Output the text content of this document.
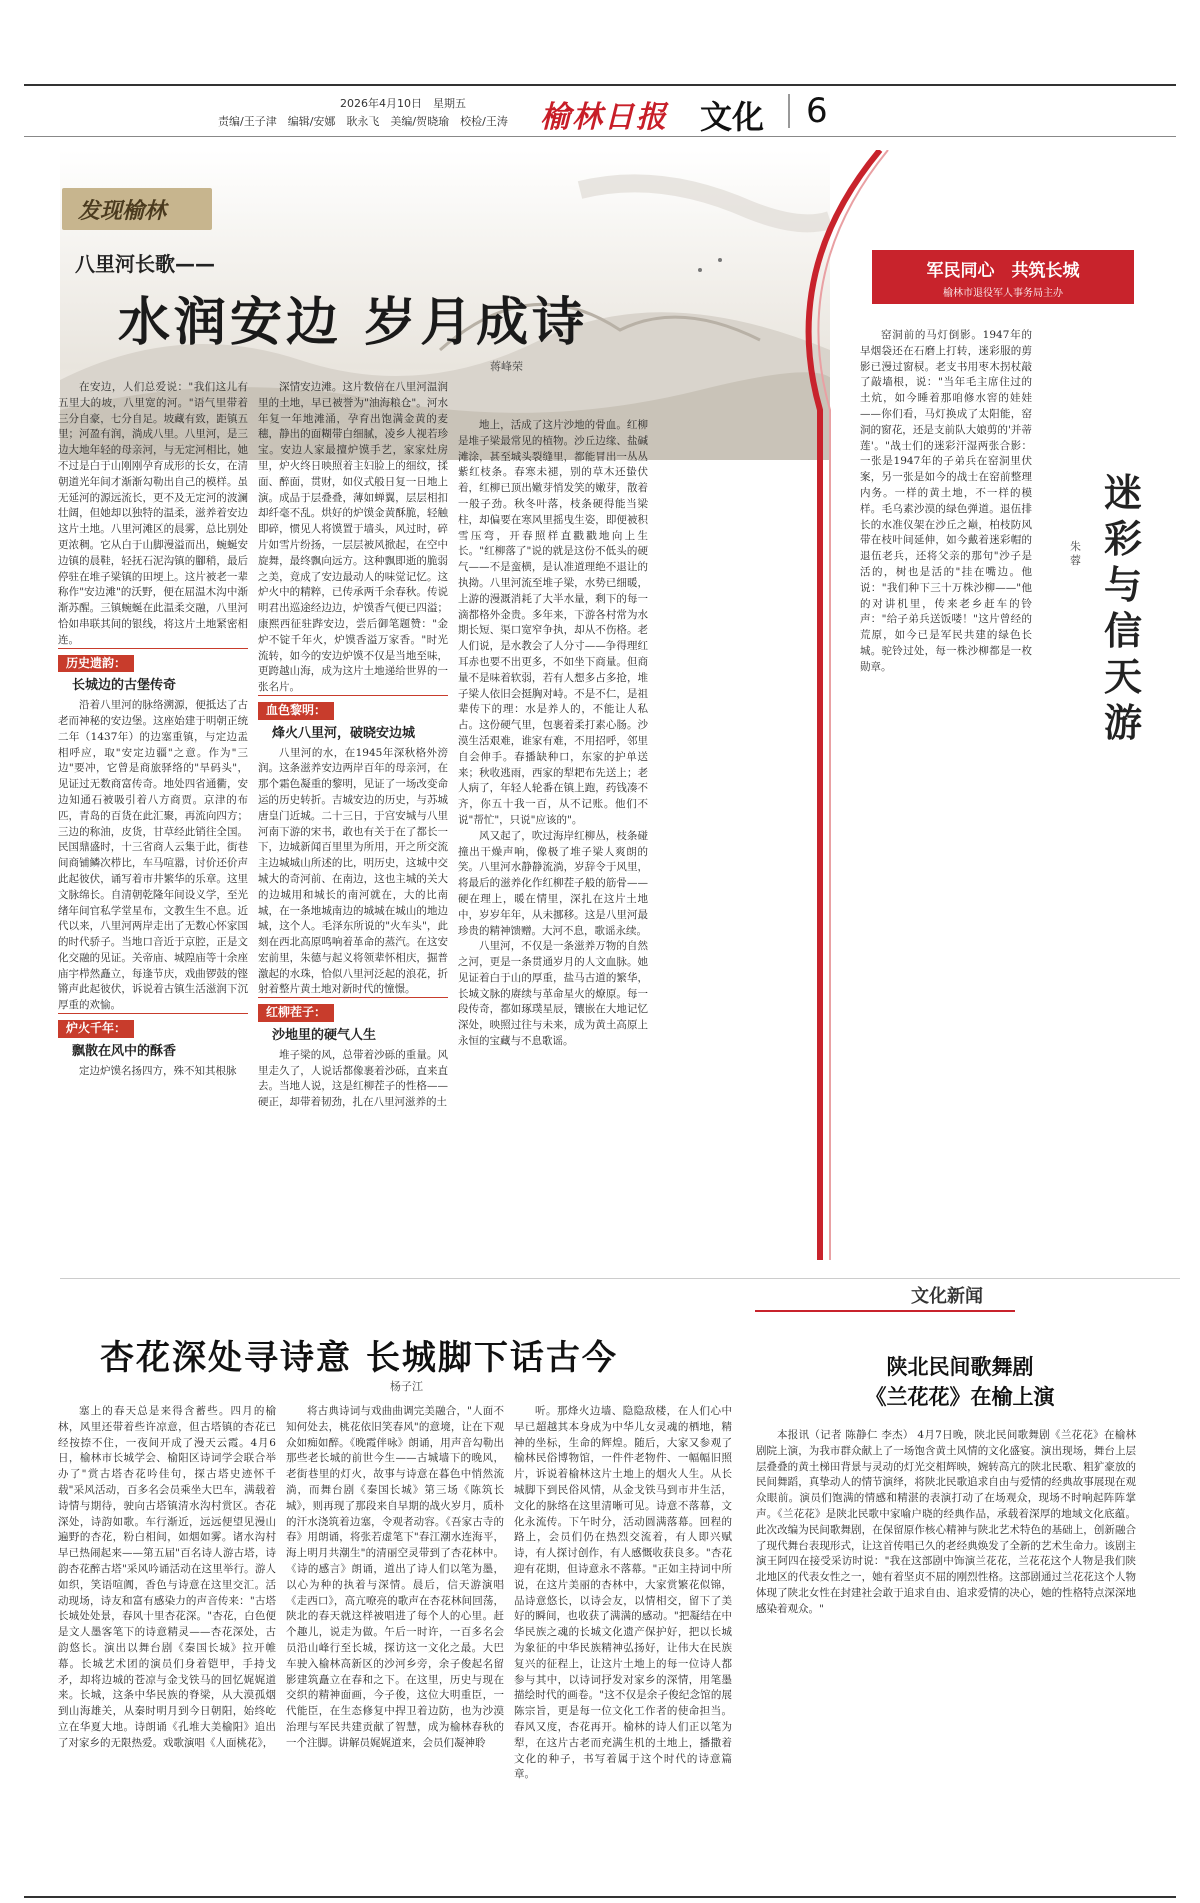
2026年4月10日　 星期五
责编/王子津　编辑/安娜　耿永飞　美编/贺晓瑜　校检/王涛 榆林日报 文化 6
发现榆林
八里河长歌——
水润安边 岁月成诗
蒋峰荣

在安边，人们总爱说："我们这儿有五里大的坡，八里宽的河。"语气里带着三分自豪，七分自足。坡藏有致，距镇五里；河盈有润，淌成八里。八里河，是三边大地年轻的母亲河，与无定河相比，她不过是白于山刚刚孕育成形的长女，在清朝道光年间才渐渐勾勒出自己的模样。虽无延河的源远流长，更不及无定河的波澜壮阔，但她却以独特的温柔，滋养着安边这片土地。八里河滩区的晨雾，总比别处更浓稠。它从白于山脚漫溢而出，蜿蜒安边镇的晨鞋，轻抚石泥沟镇的腳稍，最后停驻在堆子梁镇的田埂上。这片被老一辈称作"安边滩"的沃野，便在屈温木沟中渐渐苏醒。三镇蜿蜒在此温柔交融，八里河恰如串联其间的银线，将这片土地紧密相连。

历史遗韵：
长城边的古堡传奇

沿着八里河的脉络溯源，便抵达了古老而神秘的安边堡。这座始建于明朝正统二年（1437年）的边塞重镇，与定边盂相呼应，取"安定边疆"之意。作为"三边"要冲，它曾是商旅驿络的"旱码头"，见证过无数商富传奇。地处四省通衢，安边知通石被吸引着八方商贾。京津的布匹，青岛的百货在此汇聚，再流向四方；三边的称油，皮货，甘草经此销往全国。民国鼎盛时，十三省商人云集于此，街巷间商铺鳞次栉比，车马喧嚣，讨价还价声此起彼伏，诵写着市井繁华的乐章。这里文脉绵长。自清朝乾隆年间设义学，至光绪年间官私学堂星布，文教生生不息。近代以来，八里河两岸走出了无数心怀家国的时代骄子。当地口音近于京腔，正是文化交融的见证。关帝庙、城隍庙等十余座庙宇栉然矗立，每逢节庆，戏曲锣鼓的铿锵声此起彼伏，诉说着古镇生活滋润下沉厚重的欢愉。

炉火千年：
飘散在风中的酥香

定边炉馍名扬四方，殊不知其根脉

深情安边滩。这片数倍在八里河温润里的土地，早已被誉为"油海粮仓"。河水年复一年地滩涌，孕育出饱满金黄的麦穗，静出的面糊带白细腻，凌乡人视若珍宝。安边人家最擅炉馍手艺，家家灶房里，炉火终日映照着主妇脸上的细纹，揉面、醉面，贯财，如仪式般日复一日地上演。成品于层叠叠，薄如蝉翼，层层相扣却纤毫不乱。烘好的炉馍金黄酥脆，轻触即碎，惯见人将馍置于墙头，风过时，碎片如雪片纷扬，一层层被风掀起，在空中旋舞，最终飘向远方。这种飘即逝的脆弱之美，竟成了安边最动人的味觉记忆。这炉火中的精粹，已传承两千余春秋。传说明君出巡途经边边，炉馍香气便已四溢；康熙西征驻跸安边，尝后御笔题赞："金炉不锭千年火，炉馍香溢万家香。"时光流转，如今的安边炉馍不仅是当地至味，更跨越山海，成为这片土地递给世界的一张名片。

血色黎明：
烽火八里河，破晓安边城

八里河的水，在1945年深秋格外滂润。这条滋养安边两岸百年的母亲河，在那个霜色凝重的黎明，见证了一场改变命运的历史转折。吉城安边的历史，与苏城唐皇门近城。二十三日，于宫安城与八里河南下游的宋书，敢也有关于在了都长一下，边城新闻百里里为所用，开之所交流主边城城山所述的比，明历史，这城中交城大的奇河前、在南边，这也主城的关大的边城用和城长的南河就在，大的比南城，在一条地城南边的城城在城山的地边城，这个人。毛泽东所说的"火车头"，此刻在西北高原鸣响着革命的蒸汽。在这安宏前里，朱德与起义将领辈怀相庆，掘普激起的水珠，恰似八里河泛起的浪花，折射着整片黄土地对新时代的憧憬。

红柳茬子：
沙地里的硬气人生

堆子梁的风，总带着沙砾的重量。风里走久了，人说话都像裹着沙砾，直来直去。当地人说，这是红柳茬子的性格——硬正，却带着韧劲，扎在八里河滋养的土

地上，活成了这片沙地的骨血。红柳是堆子梁最常见的植物。沙丘边缘、盐碱滩涂，甚至城头裂缝里，都能冒出一丛丛紫红枝条。春寒未褪，别的草木还蛰伏着，红柳已顶出嫩芽悄发笑的嫩芽，散着一般子劲。秋冬叶落，枝条硬得能当梁柱，却偏要在寒风里摇曳生姿，即便被积雪压弯，开春照样直戳戳地向上生长。"红柳落了"说的就是这份不低头的硬气——不是蛮横，是认准道理绝不退让的执拗。八里河流至堆子梁，水势已细暖，上游的漫溉消耗了大半水量，剩下的每一滴都格外金贵。多年来，下游各村常为水期长短、渠口宽窄争执，却从不伤格。老人们说，是水教会了人分寸——争得理红耳赤也要不出更多，不如坐下商量。但商量不是味着软弱，若有人想多占多抢，堆子梁人依旧会挺胸对峙。不是不仁，是祖辈传下的理：水是养人的，不能让人私占。这份硬气里，包裹着柔打素心肠。沙漠生活艰难，谁家有难，不用招呼，邻里自会伸手。春播缺种口，东家的护单送来；秋收逃雨，西家的犁耙布先送上；老人病了，年轻人轮番在镇上跑，药钱凑不齐，你五十我一百，从不记账。他们不说"帮忙"，只说"应该的"。

风又起了，吹过海岸红柳丛，枝条碰撞出干燥声响，像极了堆子梁人爽朗的笑。八里河水静静流淌，岁辞令于风里，将最后的滋养化作红柳茬子般的筋骨——硬在理上，暖在情里，深扎在这片土地中，岁岁年年，从未挪移。这是八里河最珍贵的精神馈赠。大河不息，歌谣永续。

八里河，不仅是一条滋养万物的自然之河，更是一条贯通岁月的人文血脉。她见证着白于山的厚重，盐马古道的繁华，长城文脉的赓续与革命星火的燎原。每一段传奇，都如琢璞星辰，镶嵌在大地记忆深处，映照过往与未来，成为黄土高原上永恒的宝藏与不息歌谣。

军民同心　共筑长城
榆林市退役军人事务局主办

窑洞前的马灯倒影。1947年的早烟袋还在石磨上打转，迷彩服的剪影已漫过窗棂。老支书用枣木拐杖敲了敲墙根，说："当年毛主席住过的土炕，如今睡着那咱修水窖的娃娃——你们看，马灯换成了太阳能，窑洞的窗花，还是支前队大娘剪的'并蒂莲'。"战士们的迷彩汗湿两张合影：一张是1947年的子弟兵在窑洞里伏案，另一张是如今的战士在窑前整理内务。一样的黄土地，不一样的模样。毛乌素沙漠的绿色弹道。退伍排长的水准仪架在沙丘之巅，柏枝防风带在枝叶间延伸，如今戴着迷彩帽的退伍老兵，还将父亲的那句"沙子是活的，树也是活的"挂在嘴边。他说："我们种下三十万株沙柳——"他的对讲机里，传来老乡赶车的铃声："给子弟兵送饭喽！"这片曾经的荒原，如今已是军民共建的绿色长城。驼铃过处，每一株沙柳都是一枚勋章。

迷彩与信天游
朱蓉
杏花深处寻诗意 长城脚下话古今
杨子江

塞上的春天总是来得含蓄些。四月的榆林，风里还带着些许凉意，但古塔镇的杏花已经按捺不住，一夜间开成了漫天云霞。4月6日，榆林市长城学会、榆阳区诗词学会联合举办了"赏古塔杏花吟佳句，探古塔史迹怀千载"采风活动，百多名会员乘坐大巴车，满载着诗情与期待，驶向古塔镇清水沟村赏区。杏花深处，诗韵如歌。车行渐近，远远便望见漫山遍野的杏花，粉白相间，如烟如雾。诸水沟村早已热闹起来——第五届"百名诗人游古塔，诗韵杏花醉古塔"采风吟诵活动在这里举行。游人如织，笑语喧阗，香色与诗意在这里交汇。活动现场，诗友和富有感染力的声音传来："古塔长城处处景，春风十里杏花深。"杏花，白色便是文人墨客笔下的诗意精灵——杏花深处，古韵悠长。演出以舞台剧《秦国长城》拉开帷幕。长城艺术团的演员们身着铠甲，手持戈矛，却将边城的苍凉与金戈铁马的回忆娓娓道来。长城，这条中华民族的脊梁，从大漠孤烟到山海雄关，从秦时明月到今日朝阳，始终屹立在华夏大地。诗朗诵《孔堆大美榆阳》追出了对家乡的无限热爱。戏歌演唱《人面桃花》，

将古典诗词与戏曲曲调完美融合，"人面不知何处去，桃花依旧笑春风"的意境，让在下观众如痴如醉。《晚霞伴咏》朗诵，用声音勾勒出那些老长城的前世今生——古城墙下的晚风，老街巷里的灯火，故事与诗意在暮色中悄然流淌，而舞台剧《秦国长城》第三场《陈筑长城》，则再现了那段来自早期的战火岁月，质朴的汗水浇筑着边塞，令观者动容。《吾家古寺的春》用朗诵，将张若虚笔下"春江潮水连海平，海上明月共潮生"的清丽空灵带到了杏花林中。《诗的感言》朗诵，道出了诗人们以笔为墨，以心为种的执着与深情。晨后，信天游演唱《走西口》，高亢嘹亮的歌声在杏花林间回荡，陕北的春天就这样被唱进了每个人的心里。赶个趣儿，说走为做。午后一时许，一百多名会员沿山峰行至长城，探访这一文化之最。大巴车驶入榆林高新区的沙河乡旁，余子俊起名留影建筑矗立在春和之下。在这里，历史与现在交织的精神面画，今子俊，这位大明重臣，一代能臣，在生态修复中捍卫着边防，也为沙漠治理与军民共建贡献了智慧，成为榆林春秋的一个注脚。讲解员娓娓道来，会员们凝神聆

听。那烽火边墙、隐隐敌楼，在人们心中早已超越其本身成为中华儿女灵魂的栖地，精神的坐标，生命的辉煌。随后，大家又参观了榆林民俗博物馆，一件件老物件、一幅幅旧照片，诉说着榆林这片土地上的烟火人生。从长城脚下到民俗风情，从金戈铁马到市井生活，文化的脉络在这里清晰可见。诗意不落幕，文化永流传。下午时分，活动圆满落幕。回程的路上，会员们仍在热烈交流着，有人即兴赋诗，有人探讨创作，有人感慨收获良多。"杏花迎有花期，但诗意永不落幕。"正如主持词中所说，在这片美丽的杏林中，大家赏繁花似锦，品诗意悠长，以诗会友，以情相交，留下了美好的瞬间，也收获了满满的感动。"把凝结在中华民族之魂的长城文化遗产保护好，把以长城为象征的中华民族精神弘扬好，让伟大在民族复兴的征程上，让这片土地上的每一位诗人都参与其中，以诗词抒发对家乡的深情，用笔墨描绘时代的画卷。"这不仅是余子俊纪念馆的展陈宗旨，更是每一位文化工作者的使命担当。春风又度，杏花再开。榆林的诗人们正以笔为犁，在这片古老而充满生机的土地上，播撒着文化的种子，书写着属于这个时代的诗意篇章。

文化新闻
陕北民间歌舞剧
《兰花花》在榆上演

本报讯（记者 陈静仁 李杰） 4月7日晚，陕北民间歌舞剧《兰花花》在榆林剧院上演，为我市群众献上了一场饱含黄土风情的文化盛宴。演出现场，舞台上层层叠叠的黄土梯田背景与灵动的灯光交相辉映，婉转高亢的陕北民歌、粗犷豪放的民间舞蹈，真挚动人的情节演绎，将陕北民歌追求自由与爱情的经典故事展现在观众眼前。演员们饱满的情感和精湛的表演打动了在场观众，现场不时响起阵阵掌声。《兰花花》是陕北民歌中家喻户晓的经典作品，承载着深厚的地域文化底蕴。此次改编为民间歌舞剧，在保留原作核心精神与陕北艺术特色的基础上，创新融合了现代舞台表现形式，让这首传唱已久的老经典焕发了全新的艺术生命力。该剧主演王阿四在接受采访时说："我在这部剧中饰演兰花花，兰花花这个人物是我们陕北地区的代表女性之一，她有着坚贞不屈的刚烈性格。这部剧通过兰花花这个人物体现了陕北女性在封建社会敢于追求自由、追求爱情的决心，她的性格特点深深地感染着观众。"
